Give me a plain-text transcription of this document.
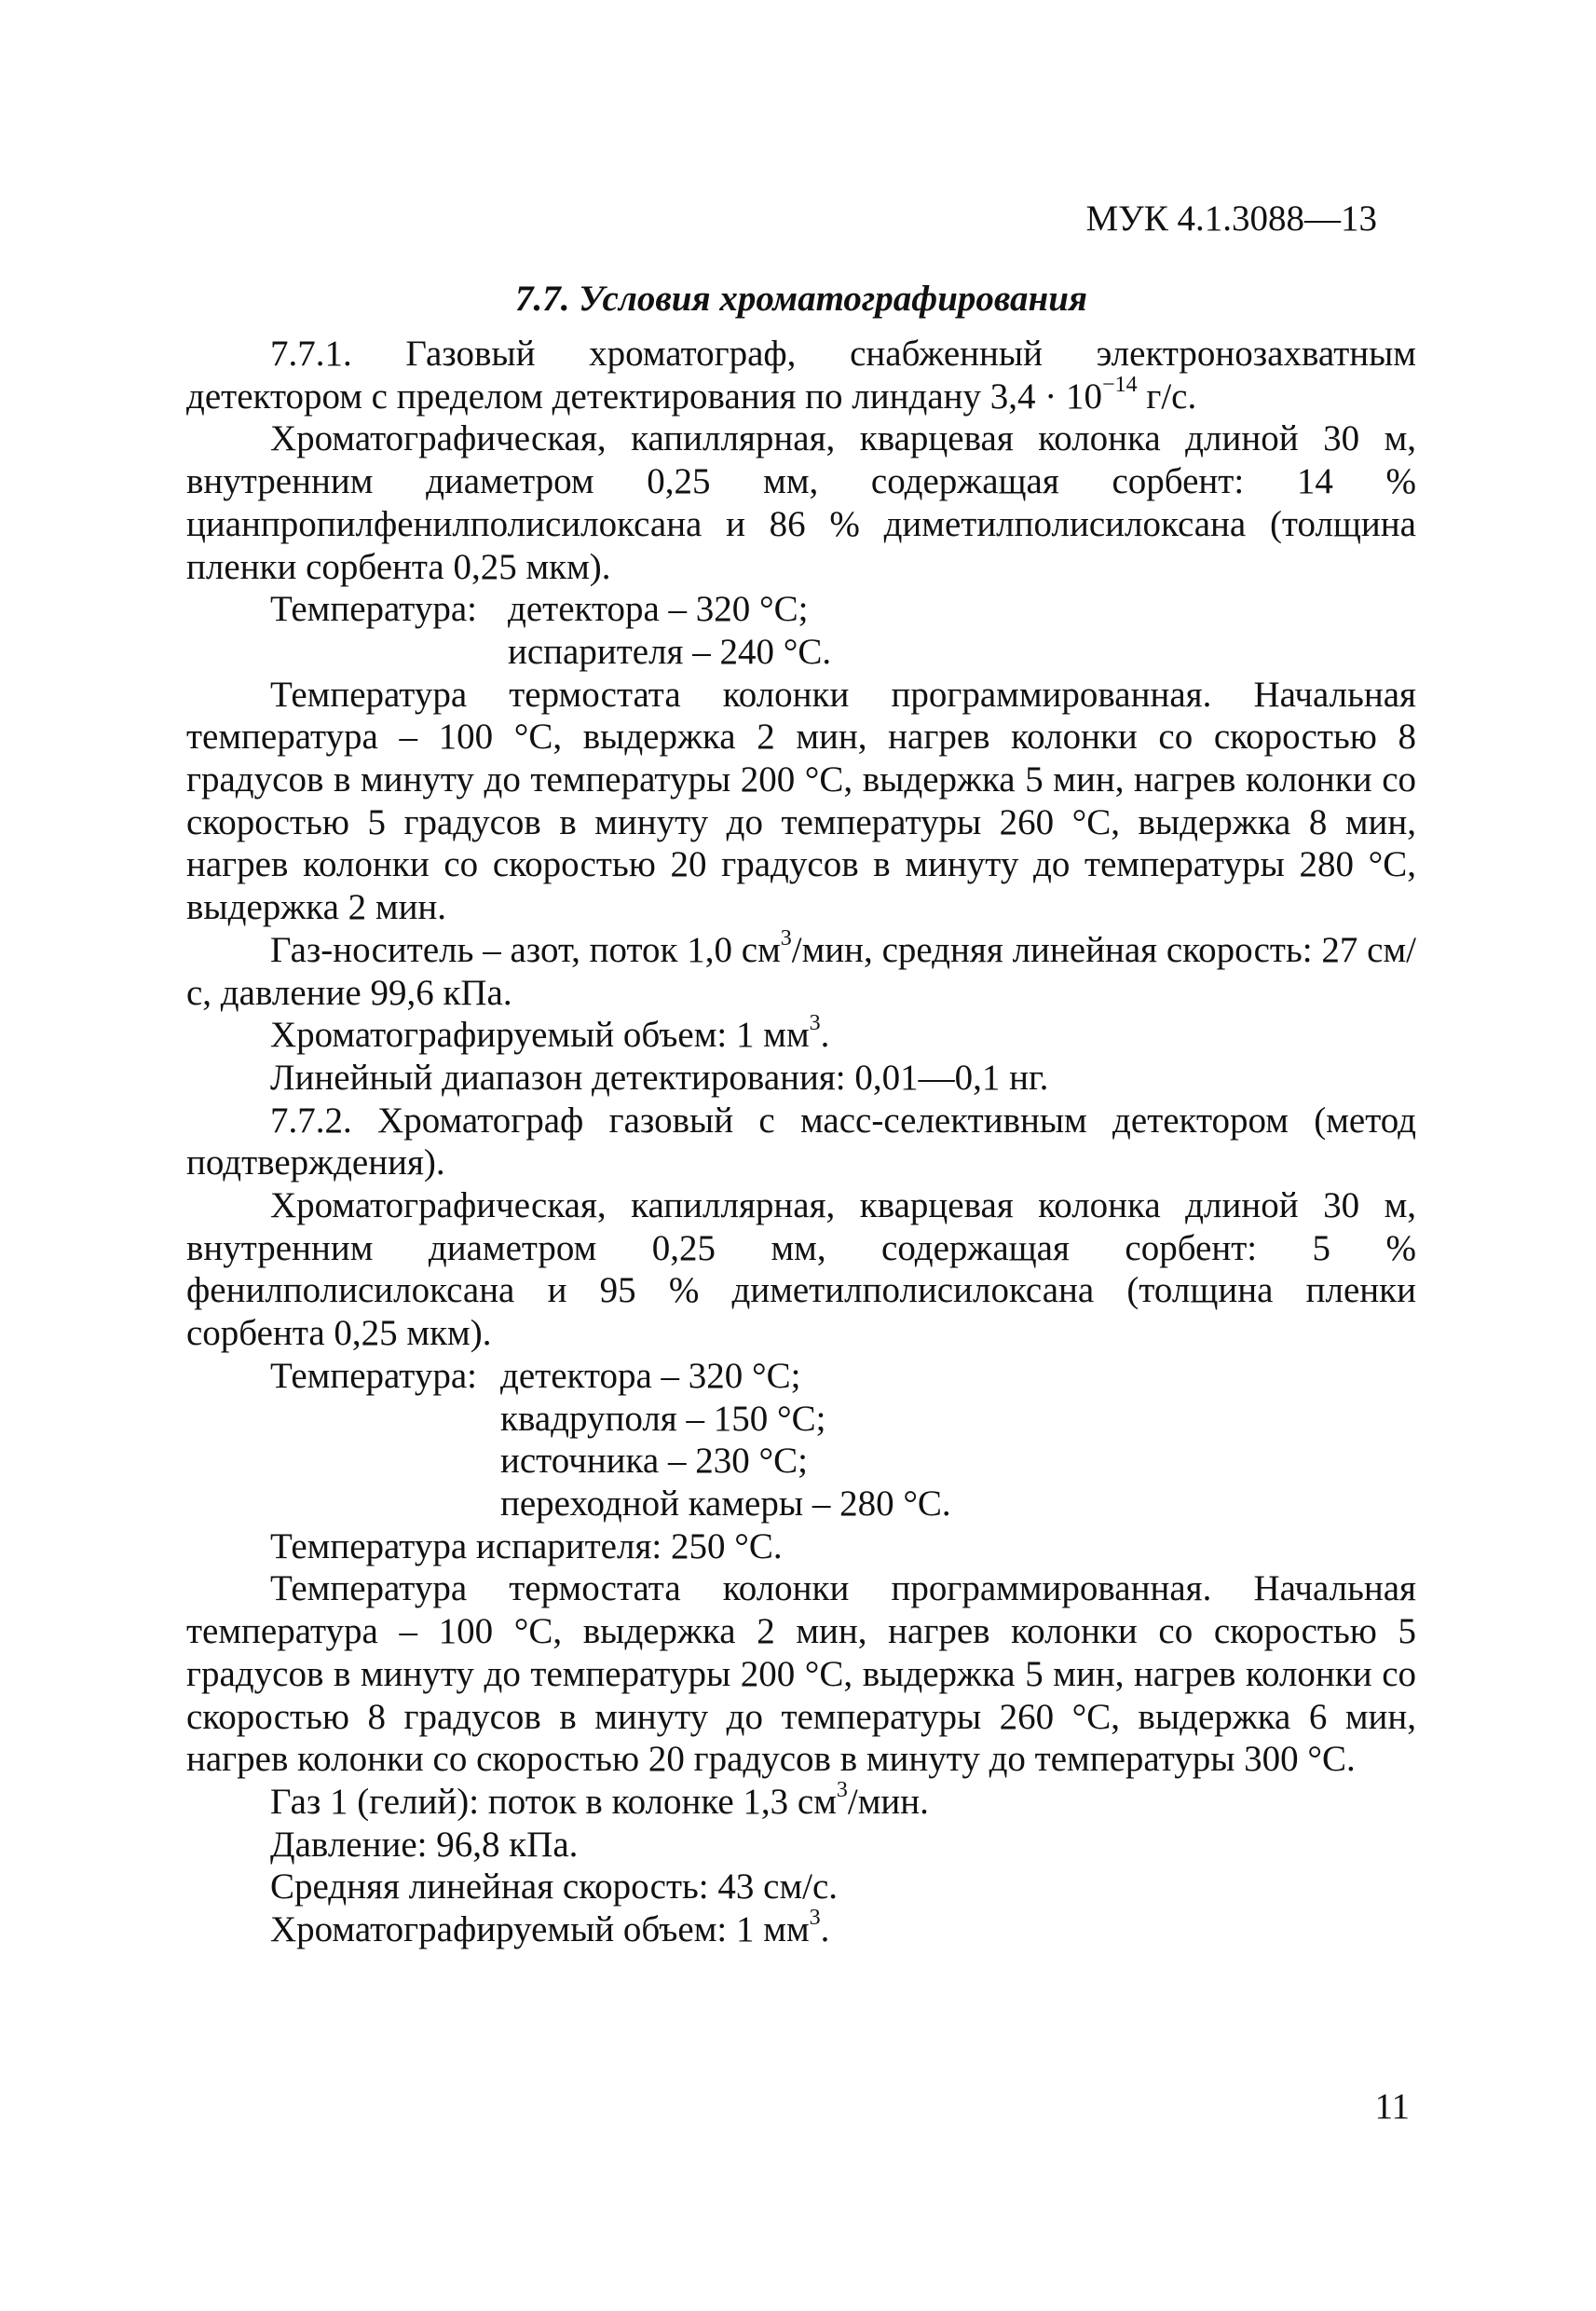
МУК 4.1.3088—13
7.7. Условия хроматографирования

7.7.1. Газовый хроматограф, снабженный электронозахватным детектором с пределом детектирования по линдану $3,4 \cdot 10^{-14}$ г/с.

Хроматографическая, капиллярная, кварцевая колонка длиной 30 м, внутренним диаметром 0,25 мм, содержащая сорбент: 14 % цианпропилфенилполисилоксана и 86 % диметилполисилоксана (толщина пленки сорбента 0,25 мкм).

Температура: детектора – 320 °С;
испарителя – 240 °С.

Температура термостата колонки программированная. Начальная температура – 100 °С, выдержка 2 мин, нагрев колонки со скоростью 8 градусов в минуту до температуры 200 °С, выдержка 5 мин, нагрев колонки со скоростью 5 градусов в минуту до температуры 260 °С, выдержка 8 мин, нагрев колонки со скоростью 20 градусов в минуту до температуры 280 °С, выдержка 2 мин.

Газ-носитель – азот, поток 1,0 $см^3$/мин, средняя линейная скорость: 27 см/с, давление 99,6 кПа.

Хроматографируемый объем: 1 $мм^3$.
Линейный диапазон детектирования: 0,01—0,1 нг.

7.7.2. Хроматограф газовый с масс-селективным детектором (метод подтверждения).

Хроматографическая, капиллярная, кварцевая колонка длиной 30 м, внутренним диаметром 0,25 мм, содержащая сорбент: 5 % фенилполисилоксана и 95 % диметилполисилоксана (толщина пленки сорбента 0,25 мкм).

Температура: детектора – 320 °С;
квадруполя – 150 °С;
источника – 230 °С;
переходной камеры – 280 °С.
Температура испарителя: 250 °С.

Температура термостата колонки программированная. Начальная температура – 100 °С, выдержка 2 мин, нагрев колонки со скоростью 5 градусов в минуту до температуры 200 °С, выдержка 5 мин, нагрев колонки со скоростью 8 градусов в минуту до температуры 260 °С, выдержка 6 мин, нагрев колонки со скоростью 20 градусов в минуту до температуры 300 °С.

Газ 1 (гелий): поток в колонке 1,3 $см^3$/мин.
Давление: 96,8 кПа.
Средняя линейная скорость: 43 см/с.
Хроматографируемый объем: 1 $мм^3$.
11
